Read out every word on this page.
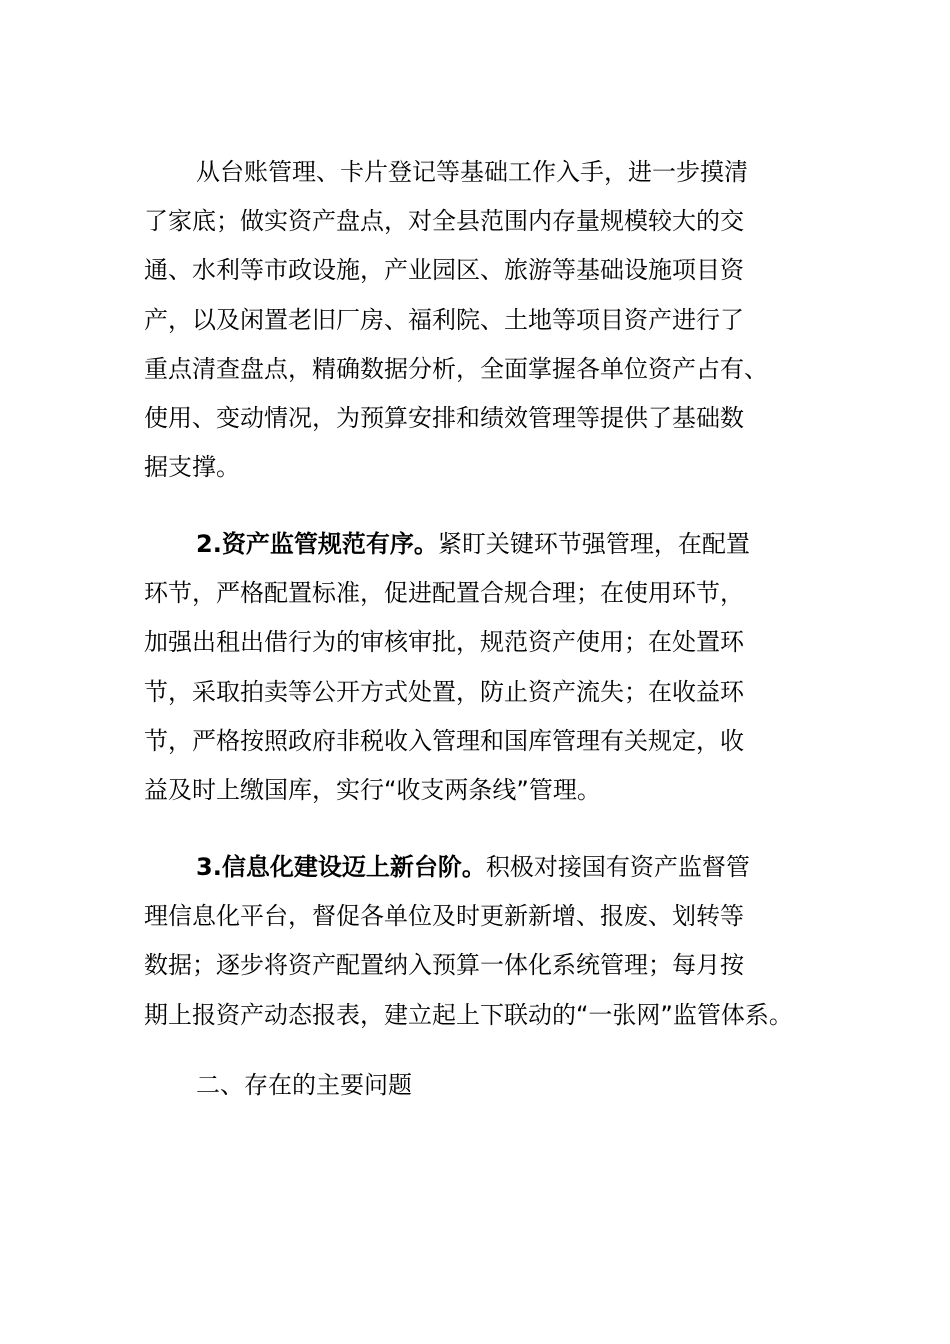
从台账管理、卡片登记等基础工作入手，进一步摸清
了家底；做实资产盘点，对全县范围内存量规模较大的交
通、水利等市政设施，产业园区、旅游等基础设施项目资
产，以及闲置老旧厂房、福利院、土地等项目资产进行了
重点清查盘点，精确数据分析，全面掌握各单位资产占有、
使用、变动情况，为预算安排和绩效管理等提供了基础数
据支撑。
2.资产监管规范有序。紧盯关键环节强管理，在配置
环节，严格配置标准，促进配置合规合理；在使用环节，
加强出租出借行为的审核审批，规范资产使用；在处置环
节，采取拍卖等公开方式处置，防止资产流失；在收益环
节，严格按照政府非税收入管理和国库管理有关规定，收
益及时上缴国库，实行“收支两条线”管理。
3.信息化建设迈上新台阶。积极对接国有资产监督管
理信息化平台，督促各单位及时更新新增、报废、划转等
数据；逐步将资产配置纳入预算一体化系统管理；每月按
期上报资产动态报表，建立起上下联动的“一张网”监管体系。
二、存在的主要问题
